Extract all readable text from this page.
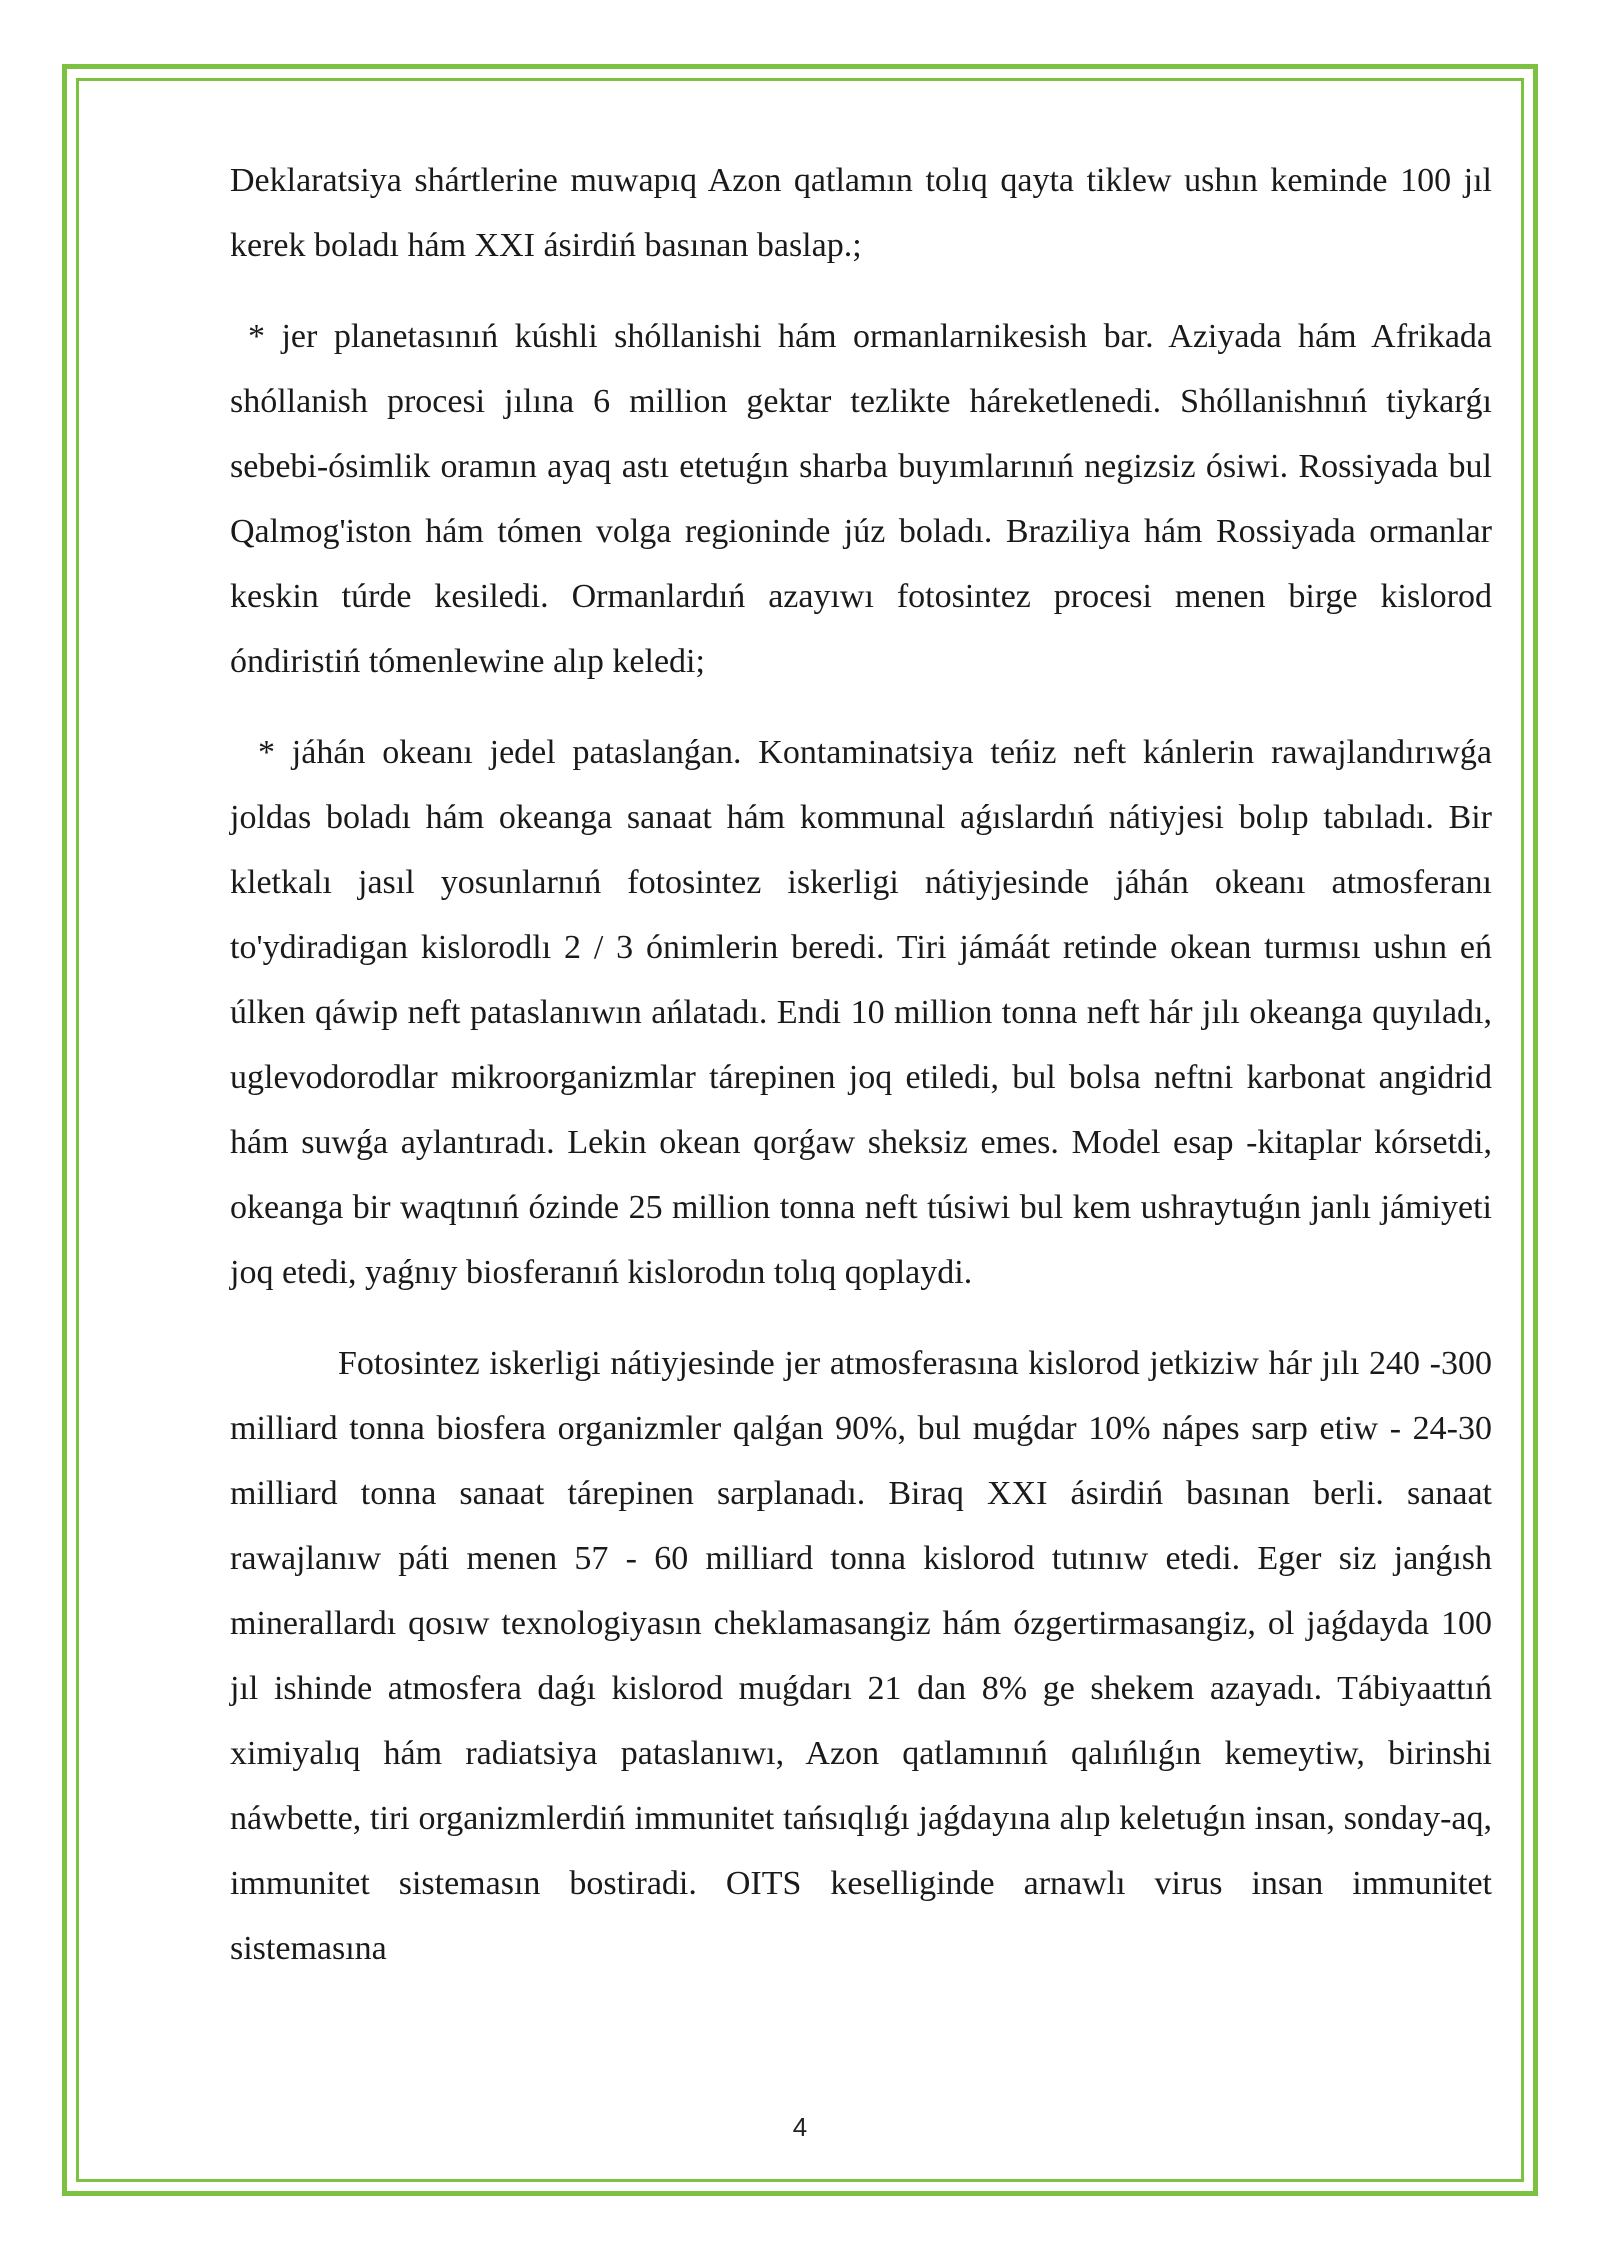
Deklaratsiya shártlerine muwapıq Azon qatlamın tolıq qayta tiklew ushın keminde 100 jıl kerek boladı hám XXI ásirdiń basınan baslap.;

* jer planetasınıń kúshli shóllanishi hám ormanlarnikesish bar. Aziyada hám Afrikada shóllanish procesi jılına 6 million gektar tezlikte háreketlenedi. Shóllanishnıń tiykarǵı sebebi-ósimlik oramın ayaq astı etetuǵın sharba buyımlarınıń negizsiz ósiwi. Rossiyada bul Qalmog'iston hám tómen volga regioninde júz boladı. Braziliya hám Rossiyada ormanlar keskin túrde kesiledi. Ormanlardıń azayıwı fotosintez procesi menen birge kislorod óndiristiń tómenlewine alıp keledi;

* jáhán okeanı jedel pataslanǵan. Kontaminatsiya teńiz neft kánlerin rawajlandırıwǵa joldas boladı hám okeanga sanaat hám kommunal aǵıslardıń nátiyjesi bolıp tabıladı. Bir kletkalı jasıl yosunlarnıń fotosintez iskerligi nátiyjesinde jáhán okeanı atmosferanı to'ydiradigan kislorodlı 2 / 3 ónimlerin beredi. Tiri jámáát retinde okean turmısı ushın eń úlken qáwip neft pataslanıwın ańlatadı. Endi 10 million tonna neft hár jılı okeanga quyıladı, uglevodorodlar mikroorganizmlar tárepinen joq etiledi, bul bolsa neftni karbonat angidrid hám suwǵa aylantıradı. Lekin okean qorǵaw sheksiz emes. Model esap -kitaplar kórsetdi, okeanga bir waqtınıń ózinde 25 million tonna neft túsiwi bul kem ushraytuǵın janlı jámiyeti joq etedi, yaǵnıy biosferanıń kislorodın tolıq qoplaydi.

Fotosintez iskerligi nátiyjesinde jer atmosferasına kislorod jetkiziw hár jılı 240 -300 milliard tonna biosfera organizmler qalǵan 90%, bul muǵdar 10% nápes sarp etiw - 24-30 milliard tonna sanaat tárepinen sarplanadı. Biraq XXI ásirdiń basınan berli. sanaat rawajlanıw páti menen 57 - 60 milliard tonna kislorod tutınıw etedi. Eger siz janǵısh minerallardı qosıw texnologiyasın cheklamasangiz hám ózgertirmasangiz, ol jaǵdayda 100 jıl ishinde atmosfera daǵı kislorod muǵdarı 21 dan 8% ge shekem azayadı. Tábiyaattıń ximiyalıq hám radiatsiya pataslanıwı, Azon qatlamınıń qalıńlıǵın kemeytiw, birinshi náwbette, tiri organizmlerdiń immunitet tańsıqlıǵı jaǵdayına alıp keletuǵın insan, sonday-aq, immunitet sistemasın bostiradi. OITS keselliginde arnawlı virus insan immunitet sistemasına

4
